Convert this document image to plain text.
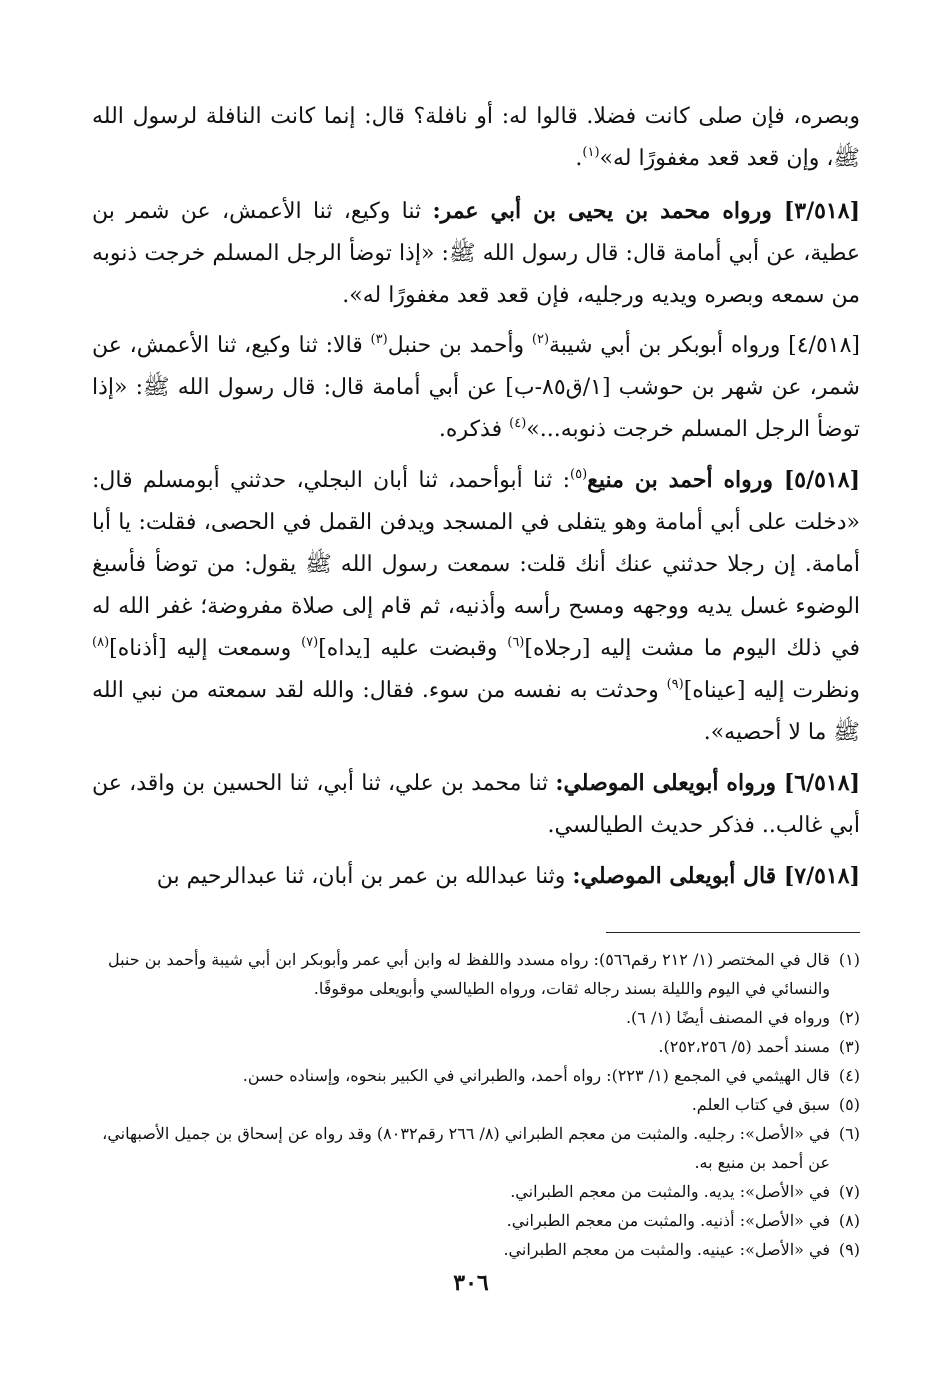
وبصره، فإن صلى كانت فضلا. قالوا له: أو نافلة؟ قال: إنما كانت النافلة لرسول الله ﷺ، وإن قعد قعد مغفورًا له»$^{(١)}$.

[٣/٥١٨] ورواه محمد بن يحيى بن أبي عمر: ثنا وكيع، ثنا الأعمش، عن شمر بن عطية، عن أبي أمامة قال: قال رسول الله ﷺ: «إذا توضأ الرجل المسلم خرجت ذنوبه من سمعه وبصره ويديه ورجليه، فإن قعد قعد مغفورًا له».

[٤/٥١٨] ورواه أبوبكر بن أبي شيبة$^{(٢)}$ وأحمد بن حنبل$^{(٣)}$ قالا: ثنا وكيع، ثنا الأعمش، عن شمر، عن شهر بن حوشب [١/ق٨٥-ب] عن أبي أمامة قال: قال رسول الله ﷺ: «إذا توضأ الرجل المسلم خرجت ذنوبه...»$^{(٤)}$ فذكره.

[٥/٥١٨] ورواه أحمد بن منيع$^{(٥)}$: ثنا أبوأحمد، ثنا أبان البجلي، حدثني أبومسلم قال: «دخلت على أبي أمامة وهو يتفلى في المسجد ويدفن القمل في الحصى، فقلت: يا أبا أمامة. إن رجلا حدثني عنك أنك قلت: سمعت رسول الله ﷺ يقول: من توضأ فأسبغ الوضوء غسل يديه ووجهه ومسح رأسه وأذنيه، ثم قام إلى صلاة مفروضة؛ غفر الله له في ذلك اليوم ما مشت إليه [رجلاه]$^{(٦)}$ وقبضت عليه [يداه]$^{(٧)}$ وسمعت إليه [أذناه]$^{(٨)}$ ونظرت إليه [عيناه]$^{(٩)}$ وحدثت به نفسه من سوء. فقال: والله لقد سمعته من نبي الله ﷺ ما لا أحصيه».

[٦/٥١٨] ورواه أبويعلى الموصلي: ثنا محمد بن علي، ثنا أبي، ثنا الحسين بن واقد، عن أبي غالب.. فذكر حديث الطيالسي.

[٧/٥١٨] قال أبويعلى الموصلي: وثنا عبدالله بن عمر بن أبان، ثنا عبدالرحيم بن

(١)
قال في المختصر (١/ ٢١٢ رقم٥٦٦): رواه مسدد واللفظ له وابن أبي عمر وأبوبكر ابن أبي شيبة وأحمد بن حنبل والنسائي في اليوم والليلة بسند رجاله ثقات، ورواه الطيالسي وأبويعلى موقوفًا.
(٢)
ورواه في المصنف أيضًا (١/ ٦).
(٣)
مسند أحمد (٥/ ٢٥٢،٢٥٦).
(٤)
قال الهيثمي في المجمع (١/ ٢٢٣): رواه أحمد، والطبراني في الكبير بنحوه، وإسناده حسن.
(٥)
سبق في كتاب العلم.
(٦)
في «الأصل»: رجليه. والمثبت من معجم الطبراني (٨/ ٢٦٦ رقم٨٠٣٢) وقد رواه عن إسحاق بن جميل الأصبهاني، عن أحمد بن منيع به.
(٧)
في «الأصل»: يديه. والمثبت من معجم الطبراني.
(٨)
في «الأصل»: أذنيه. والمثبت من معجم الطبراني.
(٩)
في «الأصل»: عينيه. والمثبت من معجم الطبراني.
٣٠٦
